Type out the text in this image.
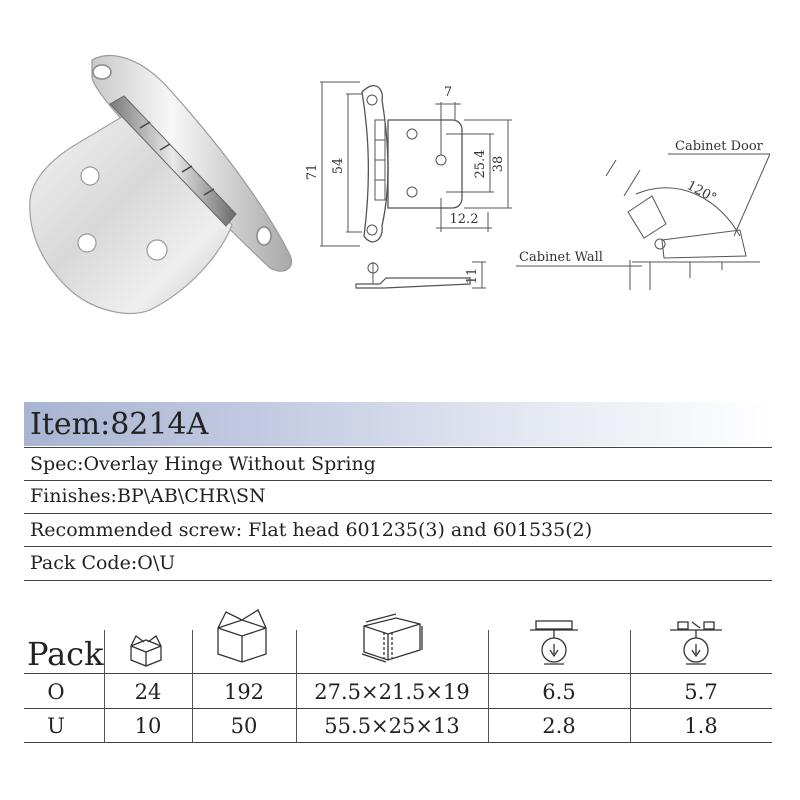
71 54
7
25.4 38
12.2
11
Cabinet Door
Cabinet Wall
120°
Item:8214A
Spec:Overlay Hinge Without Spring
Finishes:BP\AB\CHR\SN
Recommended screw: Flat head 601235(3) and 601535(2)
Pack Code:O\U
Pack
O	24	192	27.5×21.5×19	6.5	5.7
U	10	50	55.5×25×13	2.8	1.8
